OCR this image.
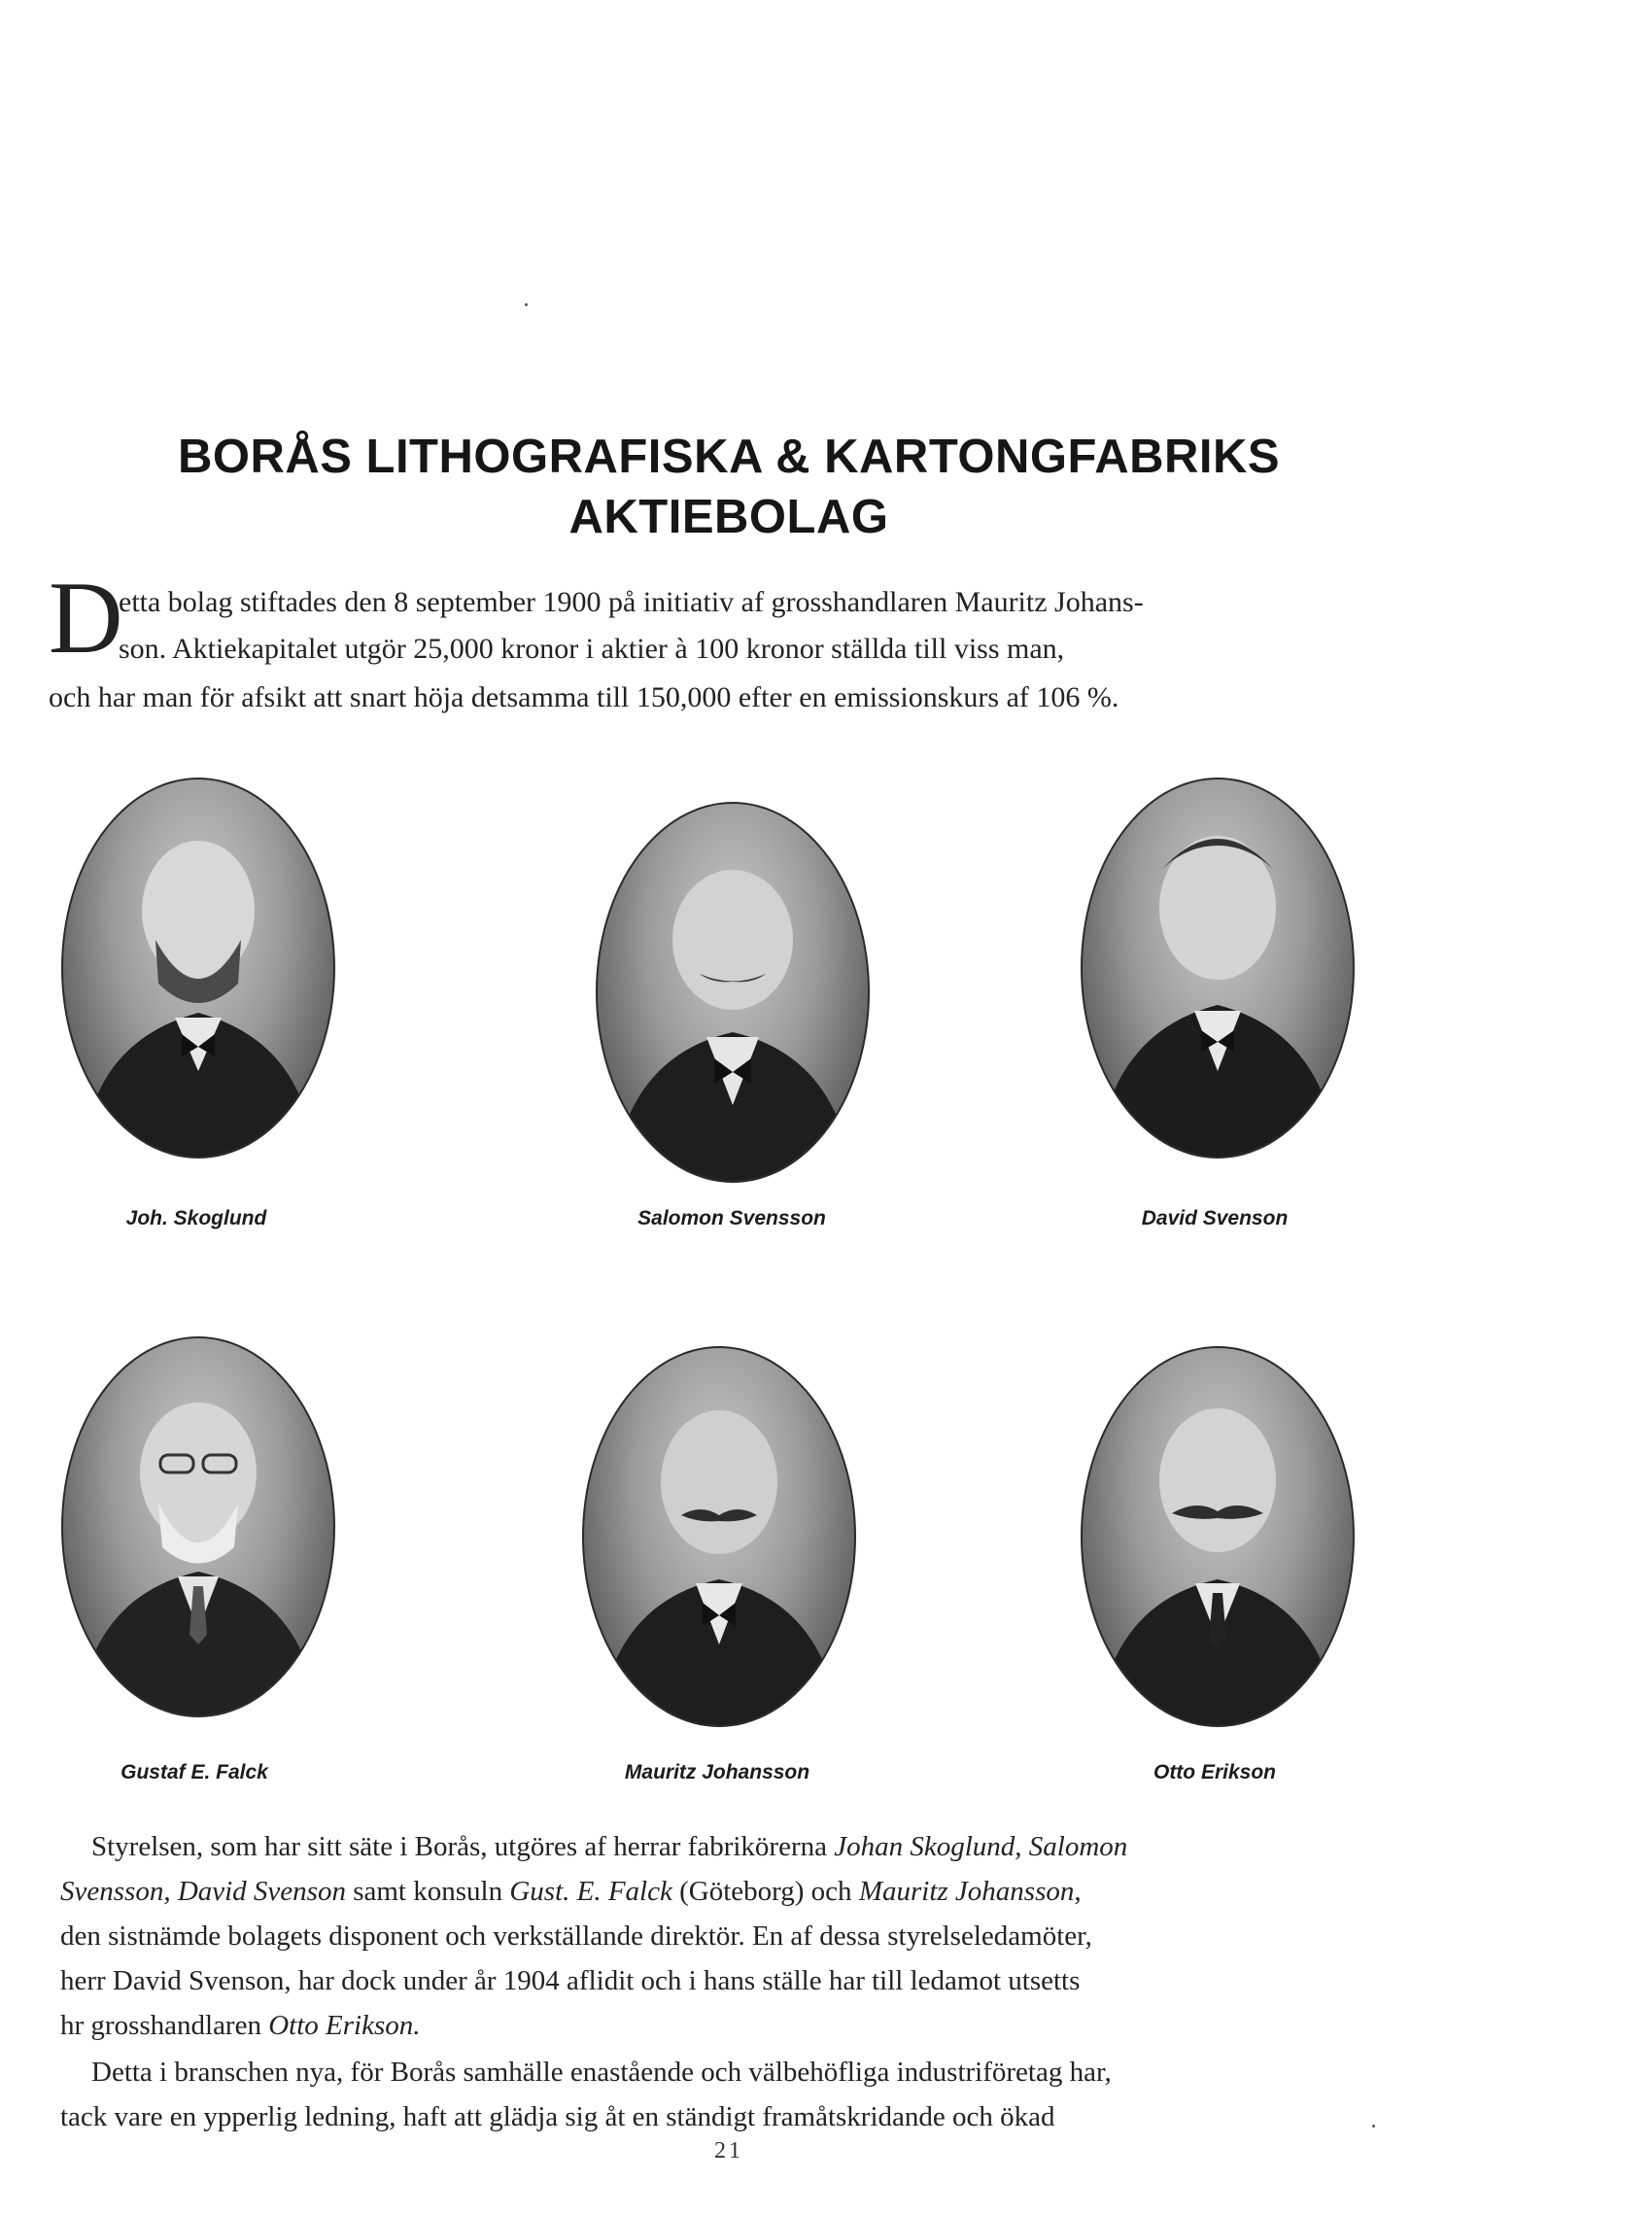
BORÅS LITHOGRAFISKA & KARTONGFABRIKS
AKTIEBOLAG
D
etta bolag stiftades den 8 september 1900 på initiativ af grosshandlaren Mauritz Johans-
son. Aktiekapitalet utgör 25,000 kronor i aktier à 100 kronor ställda till viss man,
och har man för afsikt att snart höja detsamma till 150,000 efter en emissionskurs af 106 %.
Joh. Skoglund	Salomon Svensson	David Svenson
Gustaf E. Falck	Mauritz Johansson	Otto Erikson
Styrelsen, som har sitt säte i Borås, utgöres af herrar fabrikörerna Johan Skoglund, Salomon
Svensson, David Svenson samt konsuln Gust. E. Falck (Göteborg) och Mauritz Johansson,
den sistnämde bolagets disponent och verkställande direktör. En af dessa styrelseledamöter,
herr David Svenson, har dock under år 1904 aflidit och i hans ställe har till ledamot utsetts
hr grosshandlaren Otto Erikson.
Detta i branschen nya, för Borås samhälle enastående och välbehöfliga industriföretag har,
tack vare en ypperlig ledning, haft att glädja sig åt en ständigt framåtskridande och ökad
21
